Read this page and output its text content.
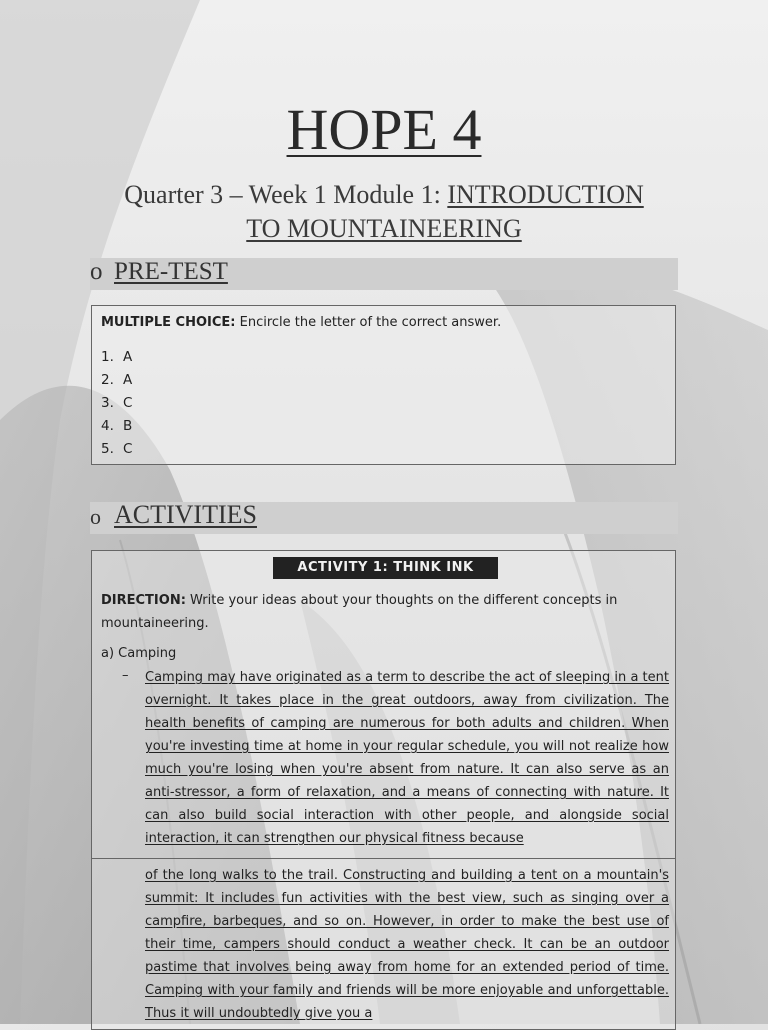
HOPE 4
Quarter 3 – Week 1 Module 1: INTRODUCTION
TO MOUNTAINEERING
o PRE-TEST
MULTIPLE CHOICE: Encircle the letter of the correct answer.
1. A
2. A
3. C
4. B
5. C
o ACTIVITIES
ACTIVITY 1: THINK INK
DIRECTION: Write your ideas about your thoughts on the different concepts in mountaineering.
a) Camping
– Camping may have originated as a term to describe the act of sleeping in a tent overnight. It takes place in the great outdoors, away from civilization. The health benefits of camping are numerous for both adults and children. When you're investing time at home in your regular schedule, you will not realize how much you're losing when you're absent from nature. It can also serve as an anti-stressor, a form of relaxation, and a means of connecting with nature. It can also build social interaction with other people, and alongside social interaction, it can strengthen our physical fitness because

of the long walks to the trail. Constructing and building a tent on a mountain's summit: It includes fun activities with the best view, such as singing over a campfire, barbeques, and so on. However, in order to make the best use of their time, campers should conduct a weather check. It can be an outdoor pastime that involves being away from home for an extended period of time. Camping with your family and friends will be more enjoyable and unforgettable. Thus it will undoubtedly give you a
